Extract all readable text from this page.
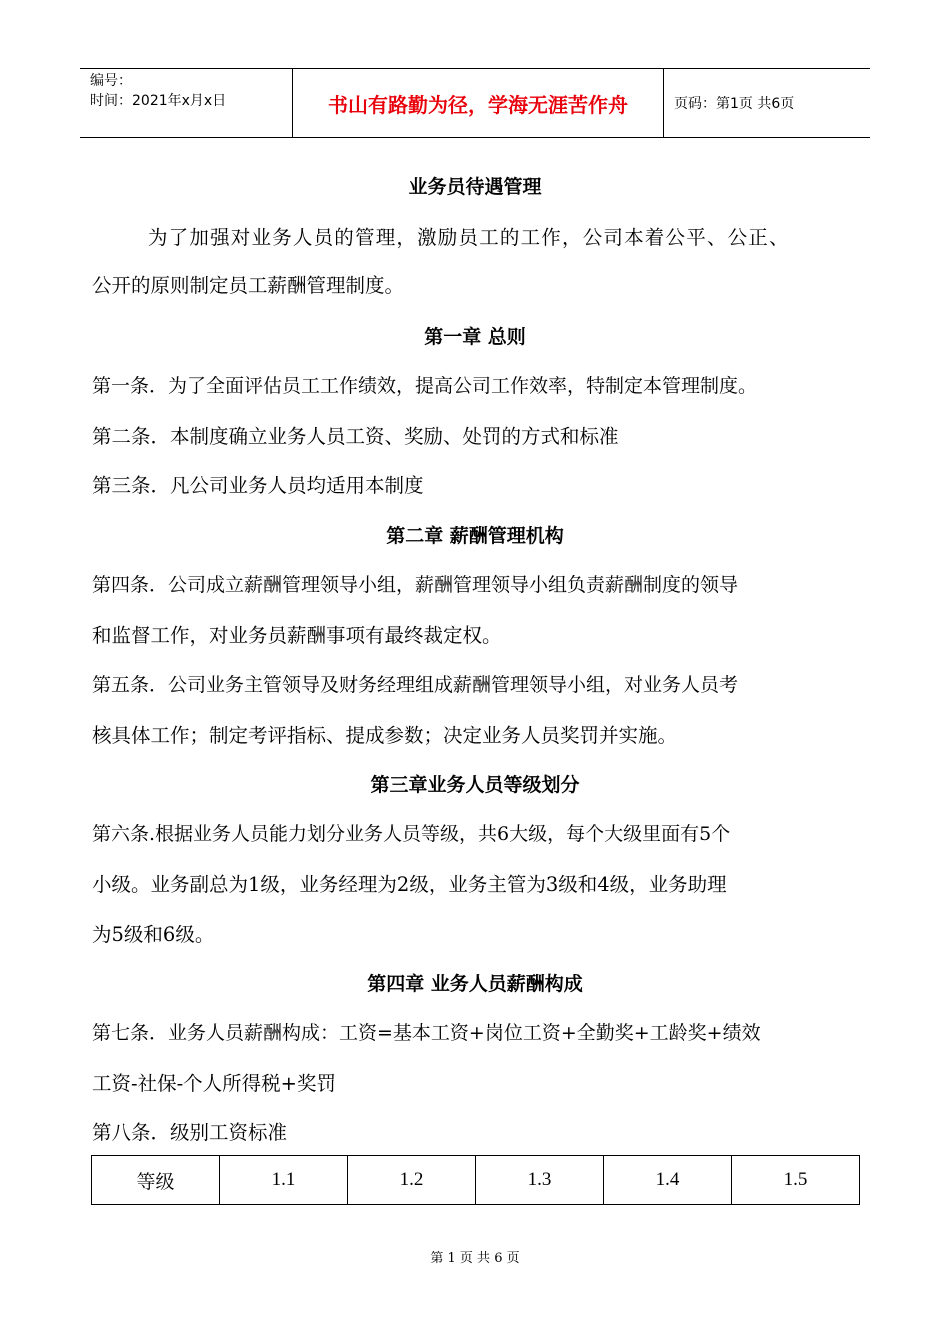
编号：
时间：2021年x月x日	书山有路勤为径，学海无涯苦作舟	页码：第1页 共6页
业务员待遇管理
为了加强对业务人员的管理，激励员工的工作，公司本着公平、公正、
公开的原则制定员工薪酬管理制度。
第一章 总则
第一条．为了全面评估员工工作绩效，提高公司工作效率，特制定本管理制度。
第二条．本制度确立业务人员工资、奖励、处罚的方式和标准
第三条．凡公司业务人员均适用本制度
第二章 薪酬管理机构
第四条．公司成立薪酬管理领导小组，薪酬管理领导小组负责薪酬制度的领导
和监督工作，对业务员薪酬事项有最终裁定权。
第五条．公司业务主管领导及财务经理组成薪酬管理领导小组，对业务人员考
核具体工作；制定考评指标、提成参数；决定业务人员奖罚并实施。
第三章业务人员等级划分
第六条.根据业务人员能力划分业务人员等级，共6大级，每个大级里面有5个
小级。业务副总为1级，业务经理为2级，业务主管为3级和4级，业务助理
为5级和6级。
第四章 业务人员薪酬构成
第七条．业务人员薪酬构成：工资=基本工资+岗位工资+全勤奖+工龄奖+绩效
工资-社保-个人所得税+奖罚
第八条．级别工资标准
等级	1.1	1.2	1.3	1.4	1.5
第 1 页 共 6 页
